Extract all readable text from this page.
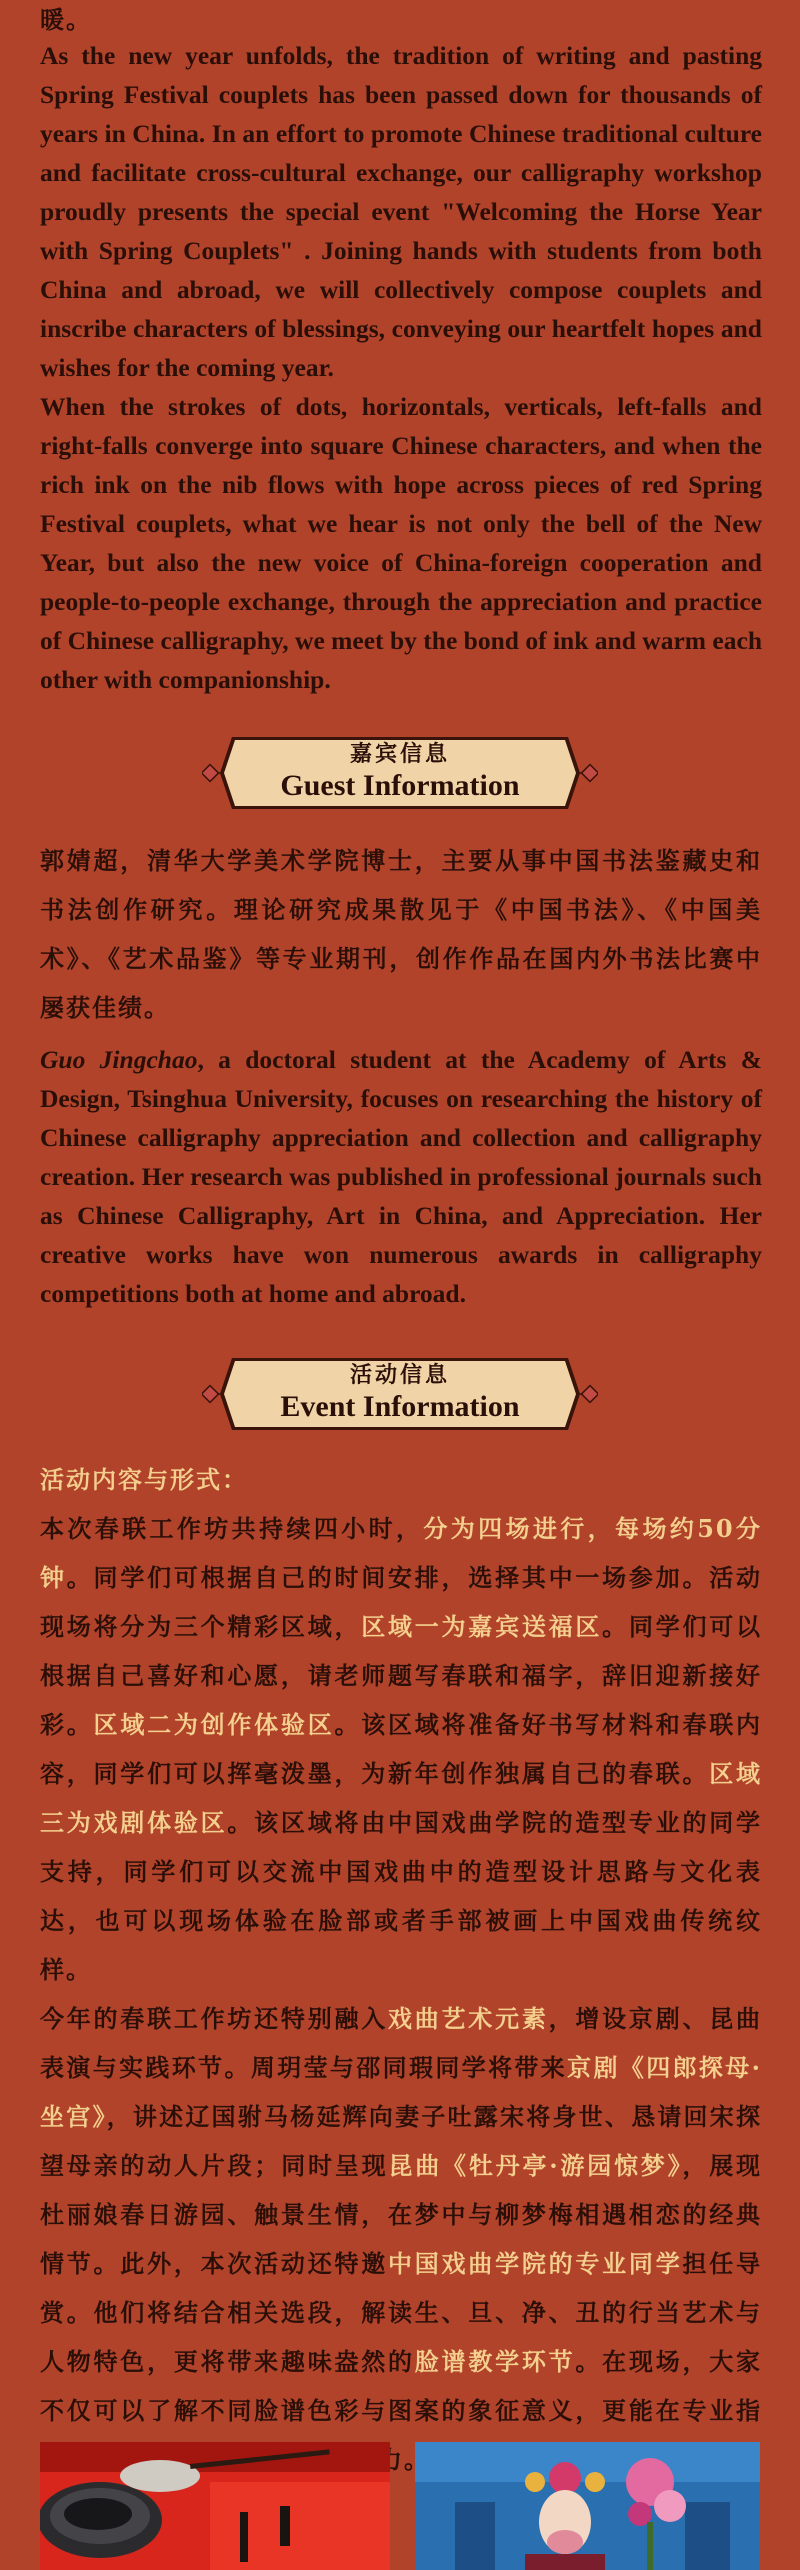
暖。

As the new year unfolds, the tradition of writing and pasting Spring Festival couplets has been passed down for thousands of years in China. In an effort to promote Chinese traditional culture and facilitate cross-cultural exchange, our calligraphy workshop proudly presents the special event "Welcoming the Horse Year with Spring Couplets" . Joining hands with students from both China and abroad, we will collectively compose couplets and inscribe characters of blessings, conveying our heartfelt hopes and wishes for the coming year.

When the strokes of dots, horizontals, verticals, left-falls and right-falls converge into square Chinese characters, and when the rich ink on the nib flows with hope across pieces of red Spring Festival couplets, what we hear is not only the bell of the New Year, but also the new voice of China-foreign cooperation and people-to-people exchange, through the appreciation and practice of Chinese calligraphy, we meet by the bond of ink and warm each other with companionship.

嘉宾信息
Guest Information

郭婧超，清华大学美术学院博士，主要从事中国书法鉴藏史和书法创作研究。理论研究成果散见于《中国书法》、《中国美术》、《艺术品鉴》等专业期刊，创作作品在国内外书法比赛中屡获佳绩。

Guo Jingchao, a doctoral student at the Academy of Arts & Design, Tsinghua University, focuses on researching the history of Chinese calligraphy appreciation and collection and calligraphy creation. Her research was published in professional journals such as Chinese Calligraphy, Art in China, and Appreciation. Her creative works have won numerous awards in calligraphy competitions both at home and abroad.

活动信息
Event Information

活动内容与形式：

本次春联工作坊共持续四小时，分为四场进行，每场约50分钟。同学们可根据自己的时间安排，选择其中一场参加。活动现场将分为三个精彩区域，区域一为嘉宾送福区。同学们可以根据自己喜好和心愿，请老师题写春联和福字，辞旧迎新接好彩。区域二为创作体验区。该区域将准备好书写材料和春联内容，同学们可以挥毫泼墨，为新年创作独属自己的春联。区域三为戏剧体验区。该区域将由中国戏曲学院的造型专业的同学支持，同学们可以交流中国戏曲中的造型设计思路与文化表达，也可以现场体验在脸部或者手部被画上中国戏曲传统纹样。

今年的春联工作坊还特别融入戏曲艺术元素，增设京剧、昆曲表演与实践环节。周玥莹与邵同瑕同学将带来京剧《四郎探母·坐宫》，讲述辽国驸马杨延辉向妻子吐露宋将身世、恳请回宋探望母亲的动人片段；同时呈现昆曲《牡丹亭·游园惊梦》，展现杜丽娘春日游园、触景生情，在梦中与柳梦梅相遇相恋的经典情节。此外，本次活动还特邀中国戏曲学院的专业同学担任导赏。他们将结合相关选段，解读生、旦、净、丑的行当艺术与人物特色，更将带来趣味盎然的脸谱教学环节。在现场，大家不仅可以了解不同脸谱色彩与图案的象征意义，更能在专业指 力。
